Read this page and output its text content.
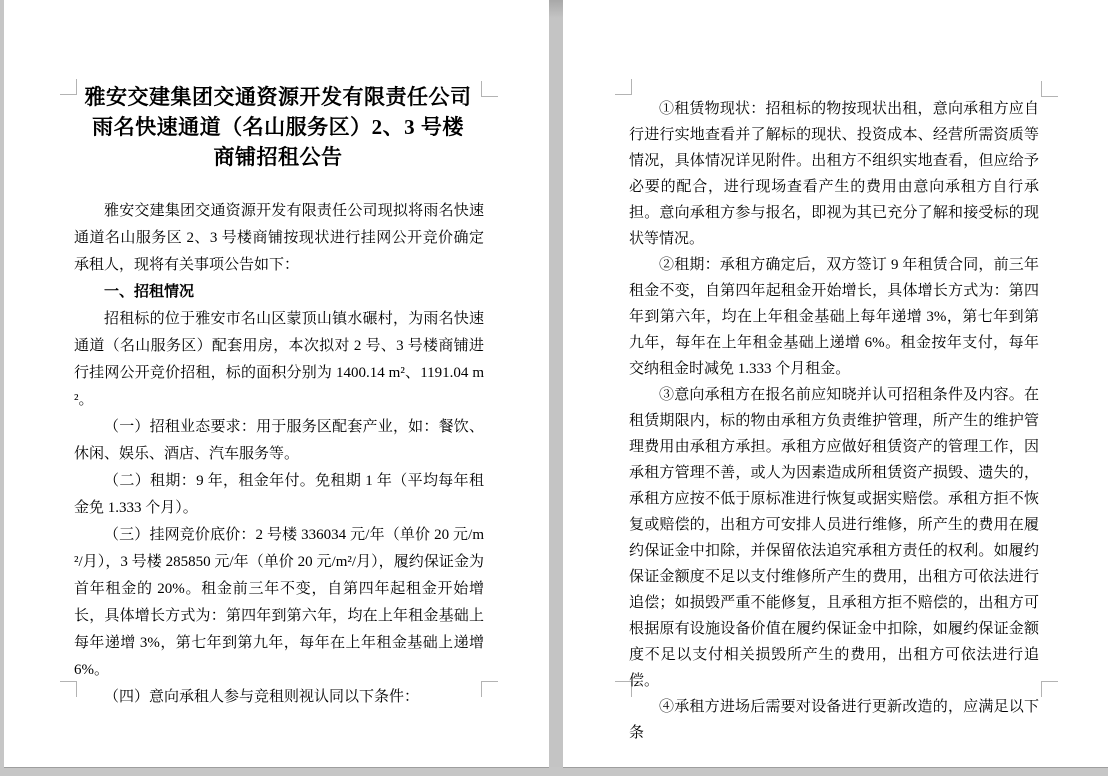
雅安交建集团交通资源开发有限责任公司
雨名快速通道（名山服务区）2、3 号楼
商铺招租公告

雅安交建集团交通资源开发有限责任公司现拟将雨名快速通道名山服务区 2、3 号楼商铺按现状进行挂网公开竞价确定承租人，现将有关事项公告如下：

一、招租情况

招租标的位于雅安市名山区蒙顶山镇水碾村，为雨名快速通道（名山服务区）配套用房，本次拟对 2 号、3 号楼商铺进行挂网公开竞价招租，标的面积分别为 1400.14 m²、1191.04 m²。

（一）招租业态要求：用于服务区配套产业，如：餐饮、休闲、娱乐、酒店、汽车服务等。

（二）租期：9 年，租金年付。免租期 1 年（平均每年租金免 1.333 个月）。

（三）挂网竞价底价：2 号楼 336034 元/年（单价 20 元/m²/月），3 号楼 285850 元/年（单价 20 元/m²/月），履约保证金为首年租金的 20%。租金前三年不变，自第四年起租金开始增长，具体增长方式为：第四年到第六年，均在上年租金基础上每年递增 3%，第七年到第九年，每年在上年租金基础上递增 6%。

（四）意向承租人参与竞租则视认同以下条件：

①租赁物现状：招租标的物按现状出租，意向承租方应自行进行实地查看并了解标的现状、投资成本、经营所需资质等情况，具体情况详见附件。出租方不组织实地查看，但应给予必要的配合，进行现场查看产生的费用由意向承租方自行承担。意向承租方参与报名，即视为其已充分了解和接受标的现状等情况。

②租期：承租方确定后，双方签订 9 年租赁合同，前三年租金不变，自第四年起租金开始增长，具体增长方式为：第四年到第六年，均在上年租金基础上每年递增 3%，第七年到第九年，每年在上年租金基础上递增 6%。租金按年支付，每年交纳租金时减免 1.333 个月租金。

③意向承租方在报名前应知晓并认可招租条件及内容。在租赁期限内，标的物由承租方负责维护管理，所产生的维护管理费用由承租方承担。承租方应做好租赁资产的管理工作，因承租方管理不善，或人为因素造成所租赁资产损毁、遗失的，承租方应按不低于原标准进行恢复或据实赔偿。承租方拒不恢复或赔偿的，出租方可安排人员进行维修，所产生的费用在履约保证金中扣除，并保留依法追究承租方责任的权利。如履约保证金额度不足以支付维修所产生的费用，出租方可依法进行追偿；如损毁严重不能修复，且承租方拒不赔偿的，出租方可根据原有设施设备价值在履约保证金中扣除，如履约保证金额度不足以支付相关损毁所产生的费用，出租方可依法进行追偿。

④承租方进场后需要对设备进行更新改造的，应满足以下条
